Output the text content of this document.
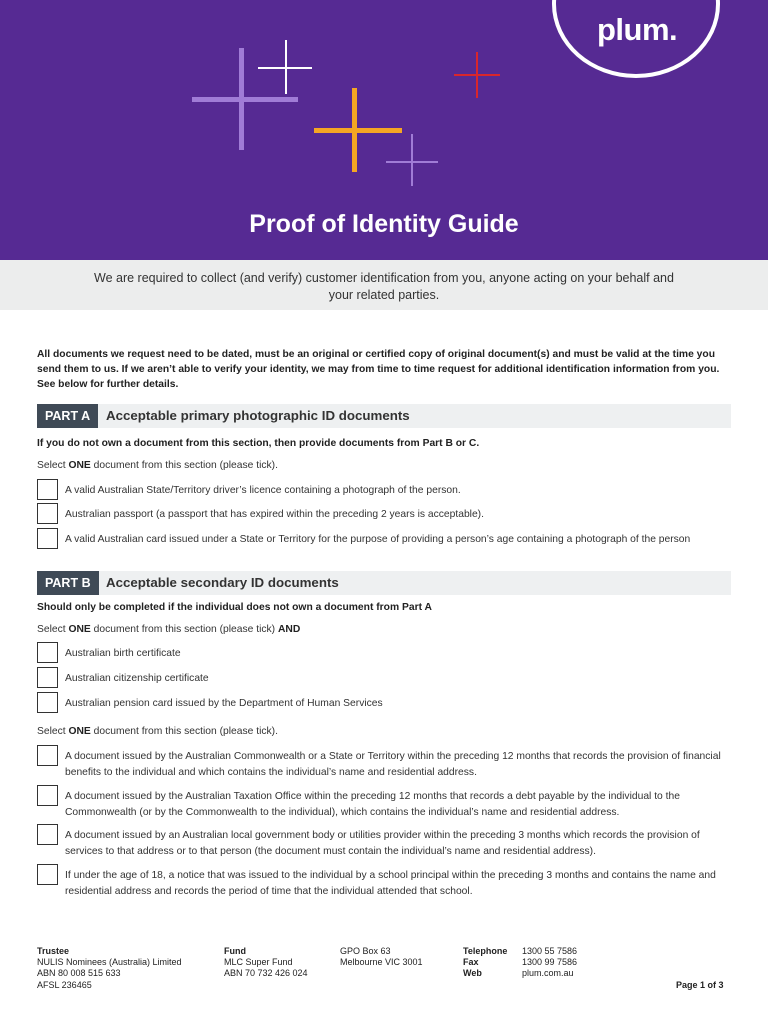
plum.
Proof of Identity Guide
We are required to collect (and verify) customer identification from you, anyone acting on your behalf and your related parties.
All documents we request need to be dated, must be an original or certified copy of original document(s) and must be valid at the time you send them to us. If we aren’t able to verify your identity, we may from time to time request for additional identification information from you. See below for further details.
PART A	Acceptable primary photographic ID documents
If you do not own a document from this section, then provide documents from Part B or C.
Select ONE document from this section (please tick).
A valid Australian State/Territory driver’s licence containing a photograph of the person.
Australian passport (a passport that has expired within the preceding 2 years is acceptable).
A valid Australian card issued under a State or Territory for the purpose of providing a person’s age containing a photograph of the person
PART B	Acceptable secondary ID documents
Should only be completed if the individual does not own a document from Part A
Select ONE document from this section (please tick) AND
Australian birth certificate
Australian citizenship certificate
Australian pension card issued by the Department of Human Services
Select ONE document from this section (please tick).
A document issued by the Australian Commonwealth or a State or Territory within the preceding 12 months that records the provision of financial benefits to the individual and which contains the individual’s name and residential address.
A document issued by the Australian Taxation Office within the preceding 12 months that records a debt payable by the individual to the Commonwealth (or by the Commonwealth to the individual), which contains the individual’s name and residential address.
A document issued by an Australian local government body or utilities provider within the preceding 3 months which records the provision of services to that address or to that person (the document must contain the individual’s name and residential address).
If under the age of 18, a notice that was issued to the individual by a school principal within the preceding 3 months and contains the name and residential address and records the period of time that the individual attended that school.
Trustee
NULIS Nominees (Australia) Limited
ABN 80 008 515 633
AFSL 236465
Fund
MLC Super Fund
ABN 70 732 426 024
GPO Box 63
Melbourne VIC 3001
Telephone
Fax
Web
1300 55 7586
1300 99 7586
plum.com.au
Page 1 of 3
